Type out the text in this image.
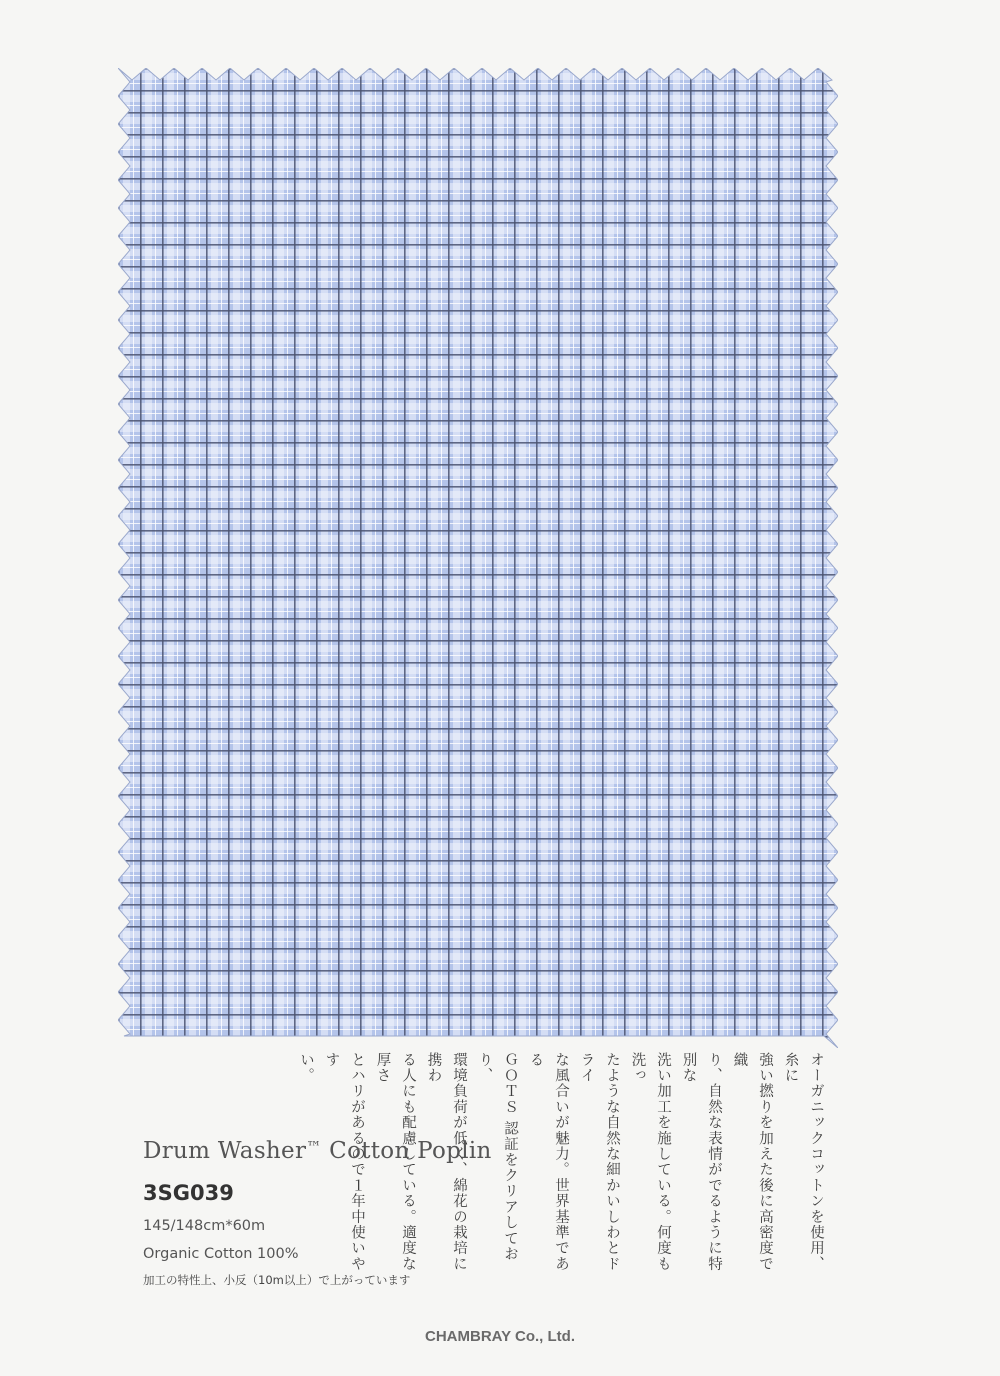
オーガニックコットンを使用、糸に
強い撚りを加えた後に高密度で織
り、自然な表情がでるように特別な
洗い加工を施している。何度も洗っ
たような自然な細かいしわとドライ
な風合いが魅力。世界基準である
ＧＯＴＳ 認証をクリアしており、
環境負荷が低く、綿花の栽培に携わ
る人にも配慮している。適度な厚さ
とハリがあるので１年中使いやす
い。
Drum Washer™ Cotton Poplin
3SG039
145/148cm*60m
Organic Cotton 100%
加工の特性上、小反（10m以上）で上がっています
CHAMBRAY Co., Ltd.
